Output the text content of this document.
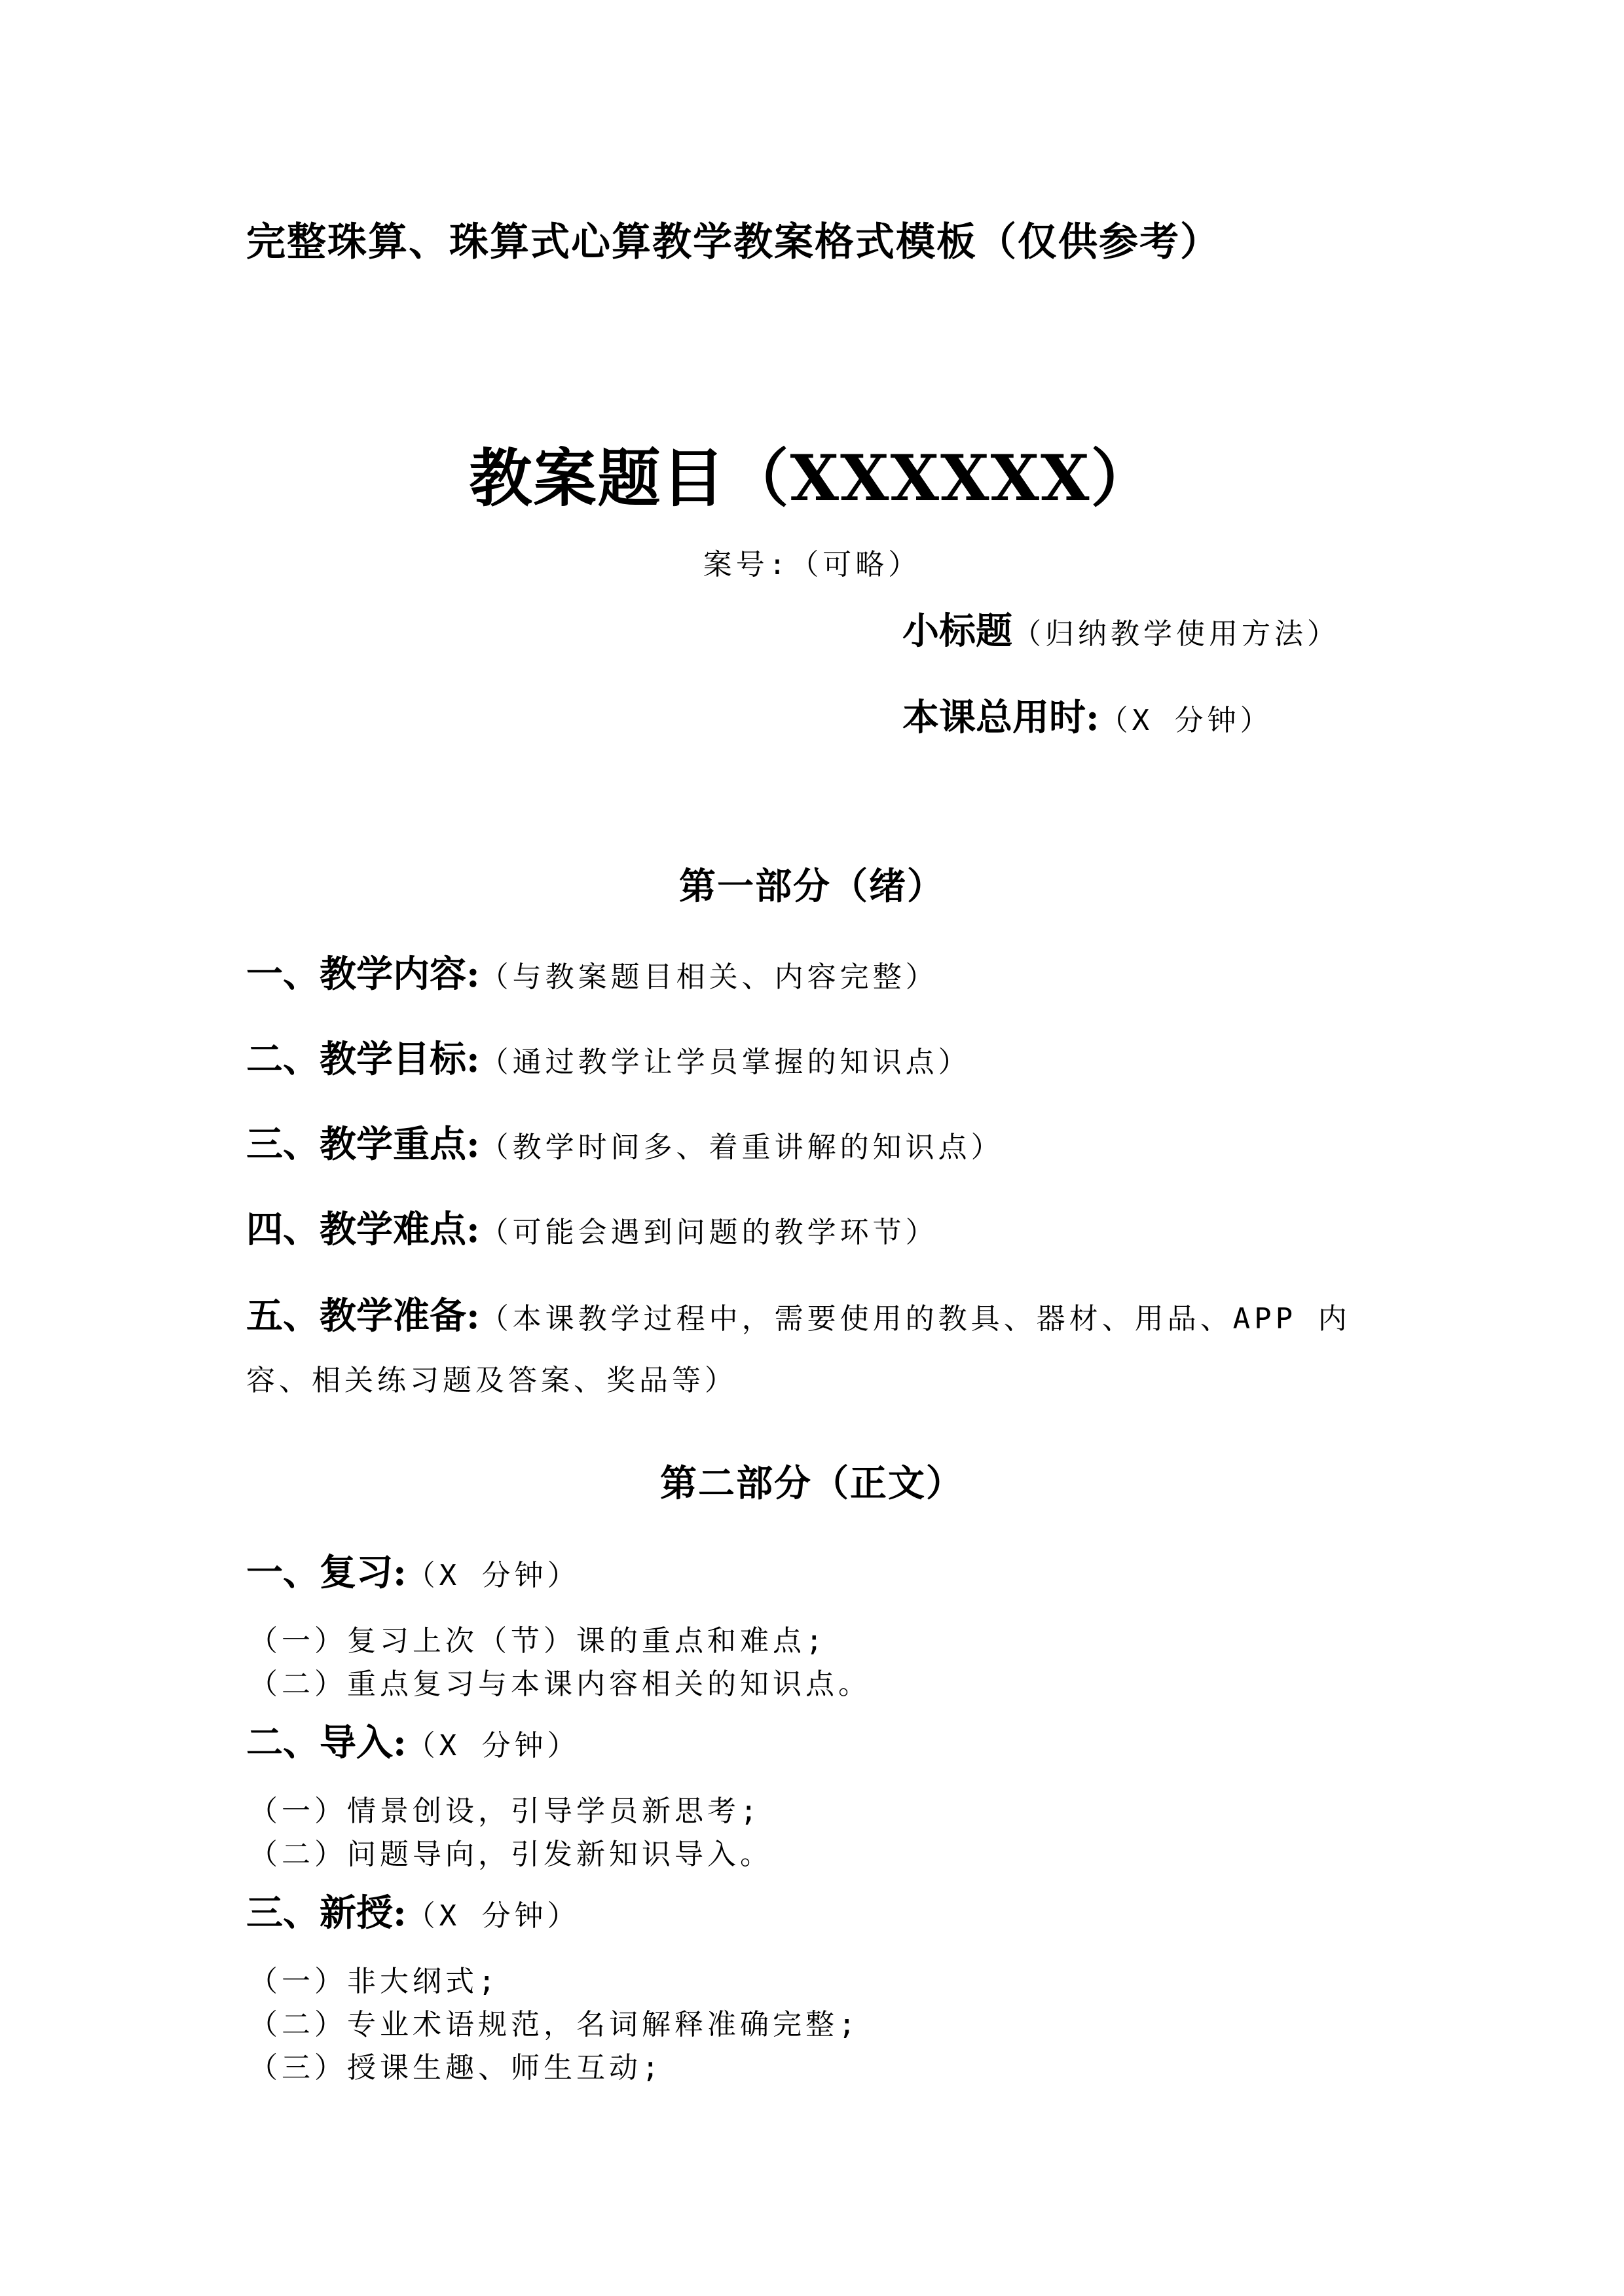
完整珠算、珠算式心算教学教案格式模板（仅供参考）
教案题目（XXXXXX）
案号:（可略）
小标题（归纳教学使用方法）
本课总用时:（X 分钟）
第一部分（绪）
一、教学内容:（与教案题目相关、内容完整）
二、教学目标:（通过教学让学员掌握的知识点）
三、教学重点:（教学时间多、着重讲解的知识点）
四、教学难点:（可能会遇到问题的教学环节）
五、教学准备:（本课教学过程中，需要使用的教具、器材、用品、APP 内
容、相关练习题及答案、奖品等）
第二部分（正文）
一、复习:（X 分钟）
（一）复习上次（节）课的重点和难点;
（二）重点复习与本课内容相关的知识点。
二、导入:（X 分钟）
（一）情景创设，引导学员新思考;
（二）问题导向，引发新知识导入。
三、新授:（X 分钟）
（一）非大纲式;
（二）专业术语规范，名词解释准确完整;
（三）授课生趣、师生互动;
